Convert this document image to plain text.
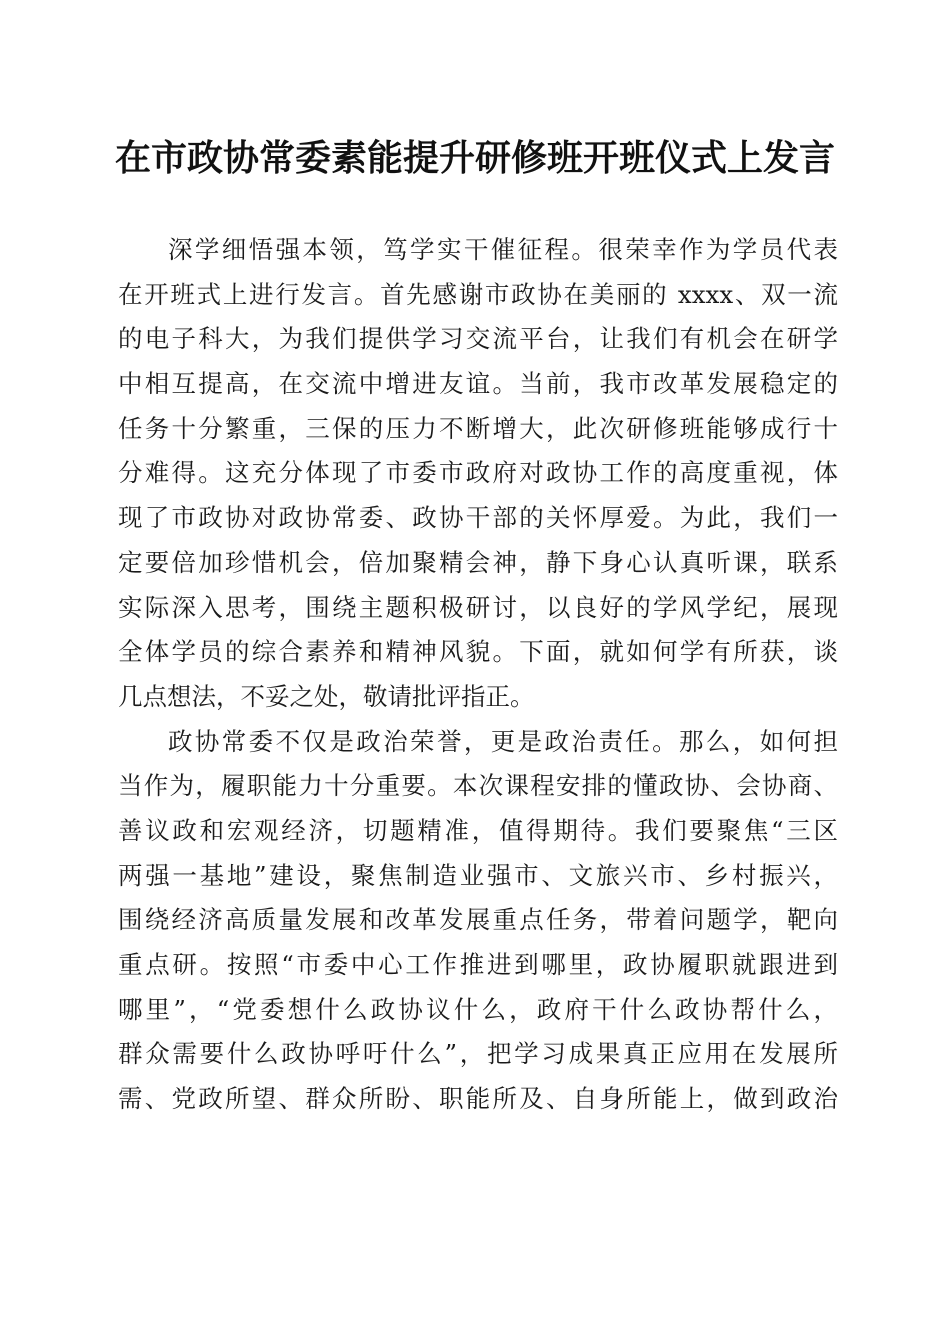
在市政协常委素能提升研修班开班仪式上发言
深学细悟强本领，笃学实干催征程。很荣幸作为学员代表
在开班式上进行发言。首先感谢市政协在美丽的 xxxx、双一流
的电子科大，为我们提供学习交流平台，让我们有机会在研学
中相互提高，在交流中增进友谊。当前，我市改革发展稳定的
任务十分繁重，三保的压力不断增大，此次研修班能够成行十
分难得。这充分体现了市委市政府对政协工作的高度重视，体
现了市政协对政协常委、政协干部的关怀厚爱。为此，我们一
定要倍加珍惜机会，倍加聚精会神，静下身心认真听课，联系
实际深入思考，围绕主题积极研讨，以良好的学风学纪，展现
全体学员的综合素养和精神风貌。下面，就如何学有所获，谈
几点想法，不妥之处，敬请批评指正。
政协常委不仅是政治荣誉，更是政治责任。那么，如何担
当作为，履职能力十分重要。本次课程安排的懂政协、会协商、
善议政和宏观经济，切题精准，值得期待。我们要聚焦“三区
两强一基地”建设，聚焦制造业强市、文旅兴市、乡村振兴，
围绕经济高质量发展和改革发展重点任务，带着问题学，靶向
重点研。按照“市委中心工作推进到哪里，政协履职就跟进到
哪里”，“党委想什么政协议什么，政府干什么政协帮什么，
群众需要什么政协呼吁什么”，把学习成果真正应用在发展所
需、党政所望、群众所盼、职能所及、自身所能上，做到政治
